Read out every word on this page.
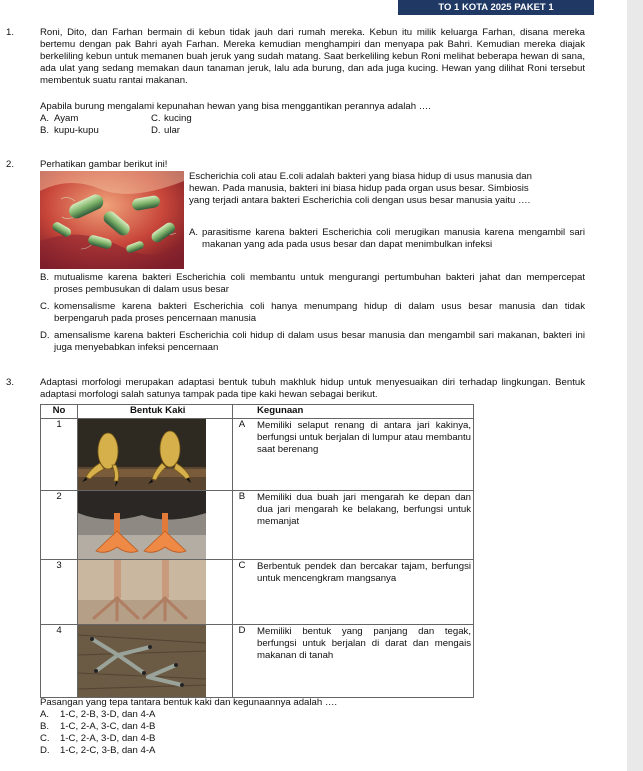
TO 1 KOTA 2025 PAKET 1
1.	Roni, Dito, dan Farhan bermain di kebun tidak jauh dari rumah mereka. Kebun itu milik keluarga Farhan, disana mereka bertemu dengan pak Bahri ayah Farhan. Mereka kemudian menghampiri dan menyapa pak Bahri. Kemudian mereka diajak berkeliling kebun untuk memanen buah jeruk yang sudah matang. Saat berkeliling kebun Roni melihat beberapa hewan di sana, ada ulat yang sedang memakan daun tanaman jeruk, lalu ada burung, dan ada juga kucing. Hewan yang dilihat Roni tersebut membentuk suatu rantai makanan.
Apabila burung mengalami kepunahan hewan yang bisa menggantikan perannya adalah ….
A. Ayam
B. kupu-kupu
C. kucing
D. ular
2.	Perhatikan gambar berikut ini!
Escherichia coli atau E.coli adalah bakteri yang biasa hidup di usus manusia dan
hewan. Pada manusia, bakteri ini biasa hidup pada organ usus besar. Simbiosis
yang terjadi antara bakteri Escherichia coli dengan usus besar manusia yaitu ….
A. parasitisme karena bakteri Escherichia coli merugikan manusia karena mengambil sari makanan yang ada pada usus besar dan dapat menimbulkan infeksi
B. mutualisme karena bakteri Escherichia coli membantu untuk mengurangi pertumbuhan bakteri jahat dan mempercepat proses pembusukan di dalam usus besar
C. komensalisme karena bakteri Escherichia coli hanya menumpang hidup di dalam usus besar manusia dan tidak berpengaruh pada proses pencernaan manusia
D. amensalisme karena bakteri Escherichia coli hidup di dalam usus besar manusia dan mengambil sari makanan, bakteri ini juga menyebabkan infeksi pencernaan
3.	Adaptasi morfologi merupakan adaptasi bentuk tubuh makhluk hidup untuk menyesuaikan diri terhadap lingkungan. Bentuk adaptasi morfologi salah satunya tampak pada tipe kaki hewan sebagai berikut.
No	Bentuk Kaki		Kegunaan
1		A	Memiliki selaput renang di antara jari kakinya, berfungsi untuk berjalan di lumpur atau membantu saat berenang
2		B	Memiliki dua buah jari mengarah ke depan dan dua jari mengarah ke belakang, berfungsi untuk memanjat
3		C	Berbentuk pendek dan bercakar tajam, berfungsi untuk mencengkram mangsanya
4		D	Memiliki bentuk yang panjang dan tegak, berfungsi untuk berjalan di darat dan mengais makanan di tanah
Pasangan yang tepa tantara bentuk kaki dan kegunaannya adalah ….
A. 1-C, 2-B, 3-D, dan 4-A
B. 1-C, 2-A, 3-C, dan 4-B
C. 1-C, 2-A, 3-D, dan 4-B
D. 1-C, 2-C, 3-B, dan 4-A
